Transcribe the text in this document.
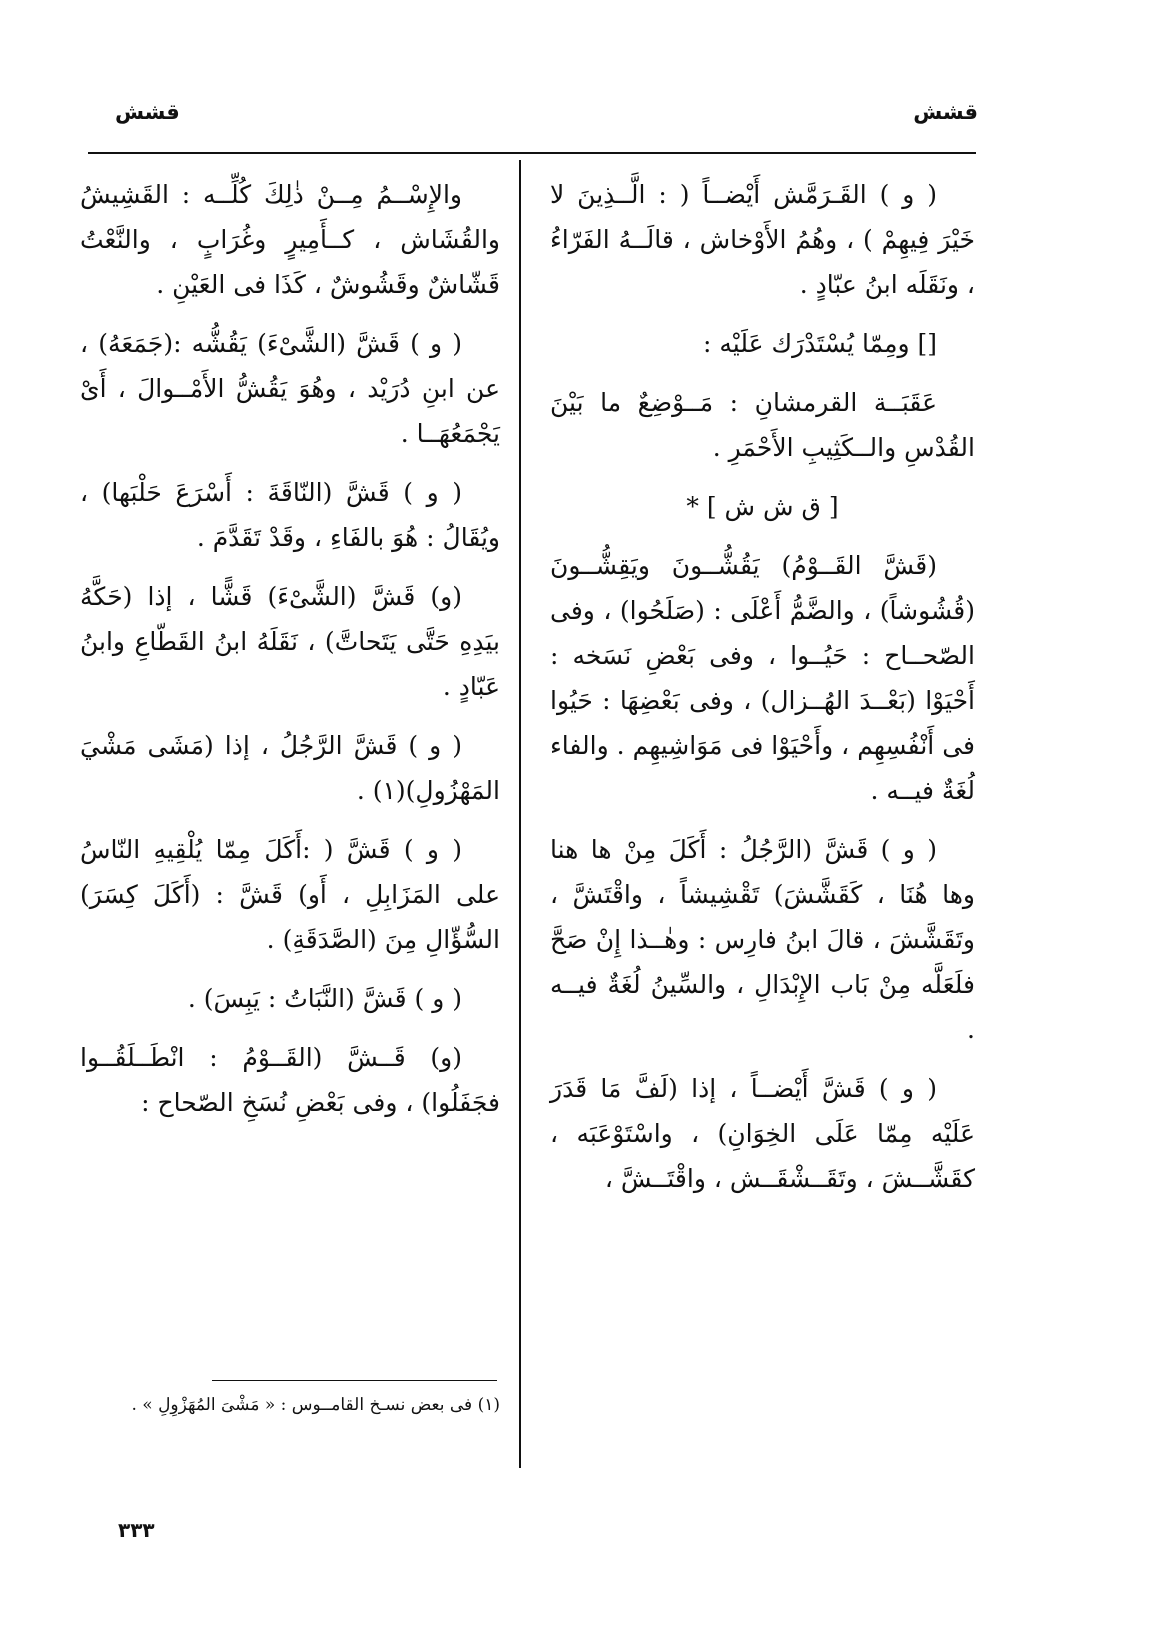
قشش
قشش

( و ) القَـرَمَّش أَيْضــاً ( : الَّــذِينَ لا خَيْرَ فِيهِمْ ) ، وهُمُ الأَوْخاش ، قالَــهُ الفَرّاءُ ، ونَقَلَه ابنُ عبّادٍ .

[] ومِمّا يُسْتَدْرَك عَلَيْه :

عَقَبَــة القرمشانِ : مَــوْضِعٌ ما بَيْنَ القُدْسِ والــكَثِيبِ الأَحْمَرِ .

[ ق ش ش ] *

(قَشَّ القَــوْمُ) يَقُشُّــونَ ويَقِشُّــونَ (قُشُوشاً) ، والضَّمُّ أَعْلَى : (صَلَحُوا) ، وفى الصّحــاح : حَيُــوا ، وفى بَعْضِ نَسَخه : أَحْيَوْا (بَعْــدَ الهُــزال) ، وفى بَعْضِهَا : حَيُوا فى أَنْفُسِهِم ، وأَحْيَوْا فى مَوَاشِيهِم . والفاء لُغَةٌ فيــه .

( و ) قَشَّ (الرَّجُلُ : أَكَلَ مِنْ ها هنا وها هُنَا ، كَقَشَّشَ) تَقْشِيشاً ، واقْتَشَّ ، وتَقَشَّشَ ، قالَ ابنُ فارِس : وهٰــذا إِنْ صَحَّ فلَعَلَّه مِنْ بَاب الإِبْدَالِ ، والسِّينُ لُغَةٌ فيــه .

( و ) قَشَّ أَيْضــاً ، إذا (لَفَّ مَا قَدَرَ عَلَيْه مِمّا عَلَى الخِوَانِ) ، واسْتَوْعَبَه ، كقَشَّــشَ ، وتَقَــشْقَــش ، واقْتَــشَّ ،

والإِسْــمُ مِــنْ ذٰلِكَ كُلِّــه : القَشِيشُ والقُشَاش ، كــأَمِيرٍ وغُرَابٍ ، والنَّعْتُ قَشّاشٌ وقَشُوشٌ ، كَذَا فى العَيْنِ .

( و ) قَشَّ (الشَّىْءَ) يَقُشُّه :(جَمَعَهُ) ، عن ابنِ دُرَيْد ، وهُوَ يَقُشُّ الأَمْــوالَ ، أَىْ يَجْمَعُهَــا .

( و ) قَشَّ (النّاقَةَ : أَسْرَعَ حَلْبَها) ، ويُقَالُ : هُوَ بالفَاءِ ، وقَدْ تَقَدَّمَ .

(و) قَشَّ (الشَّىْءَ) قَشًّا ، إذا (حَكَّهُ بيَدِهِ حَتَّى يَتَحاتَّ) ، نَقَلَهُ ابنُ القَطّاعِ وابنُ عَبّادٍ .

( و ) قَشَّ الرَّجُلُ ، إذا (مَشَى مَشْيَ المَهْزُولِ)(١) .

( و ) قَشَّ ( :أَكَلَ مِمّا يُلْقِيهِ النّاسُ على المَزَابِلِ ، أَو) قَشَّ : (أَكَلَ كِسَرَ) السُّؤّالِ مِنَ (الصَّدَقَةِ) .

( و ) قَشَّ (النَّبَاتُ : يَبِسَ) .

(و) قَــشَّ (القَــوْمُ : انْطَــلَقُــوا فجَفَلُوا) ، وفى بَعْضِ نُسَخِ الصّحاح :

(١) فى بعض نسـخ القامــوس : « مَشْىَ المُهَزْوِلِ » .
٣٣٣
